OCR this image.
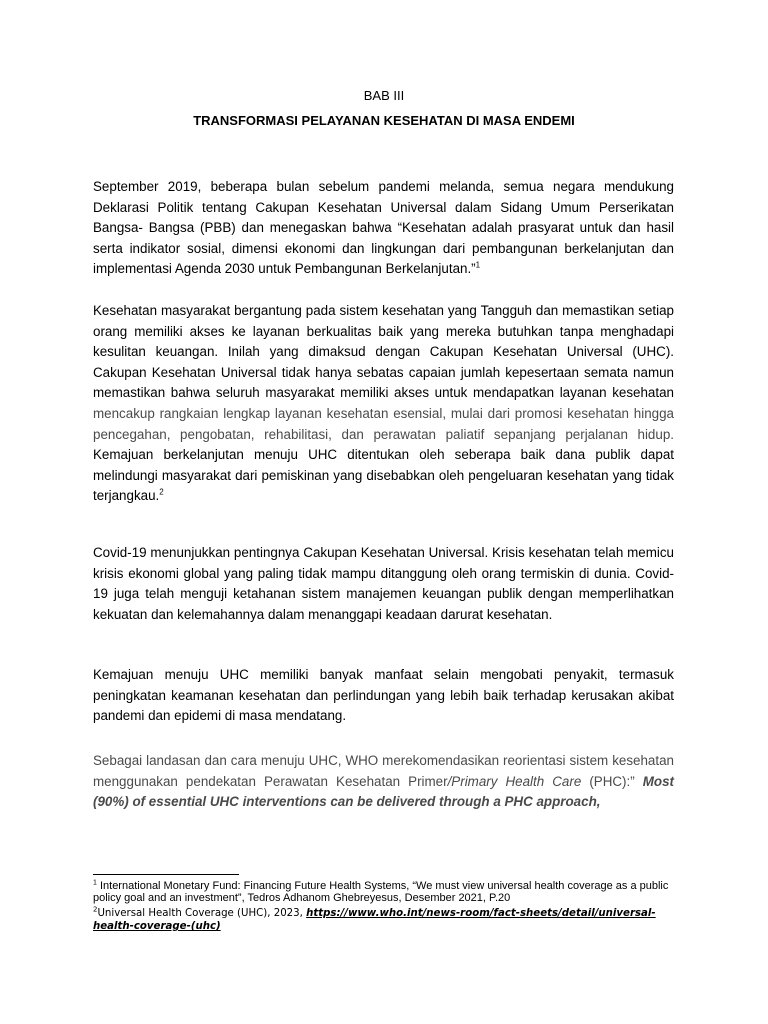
BAB III
TRANSFORMASI PELAYANAN KESEHATAN DI MASA ENDEMI

September 2019, beberapa bulan sebelum pandemi melanda, semua negara mendukung Deklarasi Politik tentang Cakupan Kesehatan Universal dalam Sidang Umum Perserikatan Bangsa- Bangsa (PBB) dan menegaskan bahwa “Kesehatan adalah prasyarat untuk dan hasil serta indikator sosial, dimensi ekonomi dan lingkungan dari pembangunan berkelanjutan dan implementasi Agenda 2030 untuk Pembangunan Berkelanjutan.”$^1$

Kesehatan masyarakat bergantung pada sistem kesehatan yang Tangguh dan memastikan setiap orang memiliki akses ke layanan berkualitas baik yang mereka butuhkan tanpa menghadapi kesulitan keuangan. Inilah yang dimaksud dengan Cakupan Kesehatan Universal (UHC). Cakupan Kesehatan Universal tidak hanya sebatas capaian jumlah kepesertaan semata namun memastikan bahwa seluruh masyarakat memiliki akses untuk mendapatkan layanan kesehatan mencakup rangkaian lengkap layanan kesehatan esensial, mulai dari promosi kesehatan hingga pencegahan, pengobatan, rehabilitasi, dan perawatan paliatif sepanjang perjalanan hidup. Kemajuan berkelanjutan menuju UHC ditentukan oleh seberapa baik dana publik dapat melindungi masyarakat dari pemiskinan yang disebabkan oleh pengeluaran kesehatan yang tidak terjangkau.$^2$

Covid-19 menunjukkan pentingnya Cakupan Kesehatan Universal. Krisis kesehatan telah memicu krisis ekonomi global yang paling tidak mampu ditanggung oleh orang termiskin di dunia. Covid-19 juga telah menguji ketahanan sistem manajemen keuangan publik dengan memperlihatkan kekuatan dan kelemahannya dalam menanggapi keadaan darurat kesehatan.

Kemajuan menuju UHC memiliki banyak manfaat selain mengobati penyakit, termasuk peningkatan keamanan kesehatan dan perlindungan yang lebih baik terhadap kerusakan akibat pandemi dan epidemi di masa mendatang.

Sebagai landasan dan cara menuju UHC, WHO merekomendasikan reorientasi sistem kesehatan menggunakan pendekatan Perawatan Kesehatan Primer/Primary Health Care (PHC):” Most (90%) of essential UHC interventions can be delivered through a PHC approach,

$^1$ International Monetary Fund: Financing Future Health Systems, “We must view universal health coverage as a public policy goal and an investment”, Tedros Adhanom Ghebreyesus, Desember 2021, P.20

$^2$Universal Health Coverage (UHC), 2023, https://www.who.int/news-room/fact-sheets/detail/universal-health-coverage-(uhc)
